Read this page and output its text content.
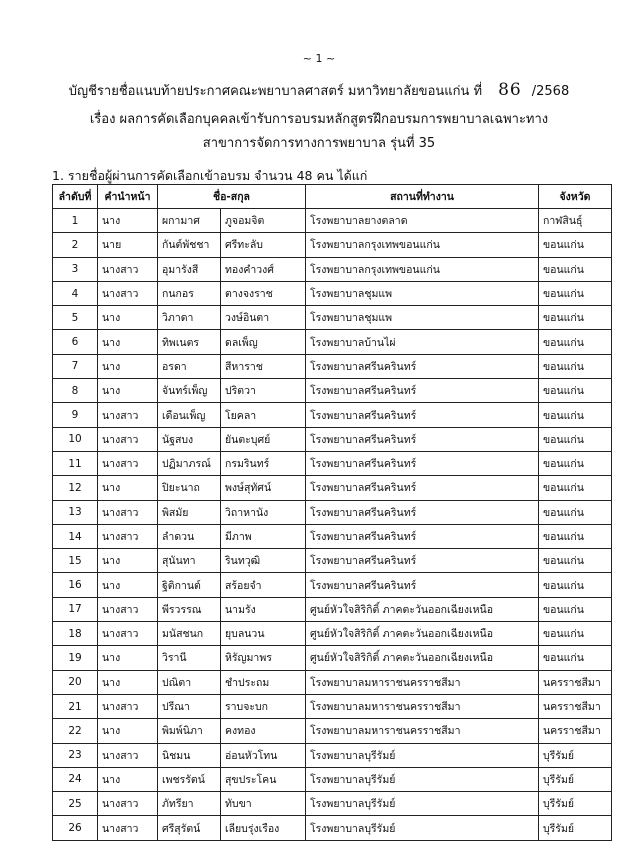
~ 1 ~
บัญชีรายชื่อแนบท้ายประกาศคณะพยาบาลศาสตร์ มหาวิทยาลัยขอนแก่น ที่ 86 /2568
เรื่อง ผลการคัดเลือกบุคคลเข้ารับการอบรมหลักสูตรฝึกอบรมการพยาบาลเฉพาะทาง
สาขาการจัดการทางการพยาบาล รุ่นที่ 35
1. รายชื่อผู้ผ่านการคัดเลือกเข้าอบรม จำนวน 48 คน ได้แก่
ลำดับที่	คำนำหน้า	ชื่อ-สกุล		สถานที่ทำงาน	จังหวัด
1	นาง	ผกามาศ	ภูจอมจิต	โรงพยาบาลยางตลาด	กาฬสินธุ์
2	นาย	กันต์พัชชา	ศรีทะลับ	โรงพยาบาลกรุงเทพขอนแก่น	ขอนแก่น
3	นางสาว	อุมารังสี	ทองคำวงศ์	โรงพยาบาลกรุงเทพขอนแก่น	ขอนแก่น
4	นางสาว	กนกอร	ตางจงราช	โรงพยาบาลชุมแพ	ขอนแก่น
5	นาง	วิภาดา	วงษ์อินตา	โรงพยาบาลชุมแพ	ขอนแก่น
6	นาง	ทิพเนตร	ดลเพ็ญ	โรงพยาบาลบ้านไผ่	ขอนแก่น
7	นาง	อรดา	สีหาราช	โรงพยาบาลศรีนครินทร์	ขอนแก่น
8	นาง	จันทร์เพ็ญ	ปริตวา	โรงพยาบาลศรีนครินทร์	ขอนแก่น
9	นางสาว	เดือนเพ็ญ	โยคลา	โรงพยาบาลศรีนครินทร์	ขอนแก่น
10	นางสาว	นัฐสบง	ยันตะบุศย์	โรงพยาบาลศรีนครินทร์	ขอนแก่น
11	นางสาว	ปฏิมาภรณ์	กรมรินทร์	โรงพยาบาลศรีนครินทร์	ขอนแก่น
12	นาง	ปิยะนาถ	พงษ์สุทัศน์	โรงพยาบาลศรีนครินทร์	ขอนแก่น
13	นางสาว	พิสมัย	วิถาหานัง	โรงพยาบาลศรีนครินทร์	ขอนแก่น
14	นางสาว	ลำดวน	มีภาพ	โรงพยาบาลศรีนครินทร์	ขอนแก่น
15	นาง	สุนันทา	รินทวุฒิ	โรงพยาบาลศรีนครินทร์	ขอนแก่น
16	นาง	ฐิติกานต์	สร้อยจำ	โรงพยาบาลศรีนครินทร์	ขอนแก่น
17	นางสาว	พีรวรรณ	นามรัง	ศูนย์หัวใจสิริกิติ์ ภาคตะวันออกเฉียงเหนือ	ขอนแก่น
18	นางสาว	มนัสชนก	ยุบลนวน	ศูนย์หัวใจสิริกิติ์ ภาคตะวันออกเฉียงเหนือ	ขอนแก่น
19	นาง	วิรานี	หิรัญมาพร	ศูนย์หัวใจสิริกิติ์ ภาคตะวันออกเฉียงเหนือ	ขอนแก่น
20	นาง	ปณิตา	ชำประถม	โรงพยาบาลมหาราชนครราชสีมา	นครราชสีมา
21	นางสาว	ปรีณา	ราบจะบก	โรงพยาบาลมหาราชนครราชสีมา	นครราชสีมา
22	นาง	พิมพ์นิภา	คงทอง	โรงพยาบาลมหาราชนครราชสีมา	นครราชสีมา
23	นางสาว	นิชมน	อ่อนหัวโทน	โรงพยาบาลบุรีรัมย์	บุรีรัมย์
24	นาง	เพชรรัตน์	สุขประโคน	โรงพยาบาลบุรีรัมย์	บุรีรัมย์
25	นางสาว	ภัทรียา	ทับขา	โรงพยาบาลบุรีรัมย์	บุรีรัมย์
26	นางสาว	ศรีสุรัตน์	เลียบรุ่งเรือง	โรงพยาบาลบุรีรัมย์	บุรีรัมย์
